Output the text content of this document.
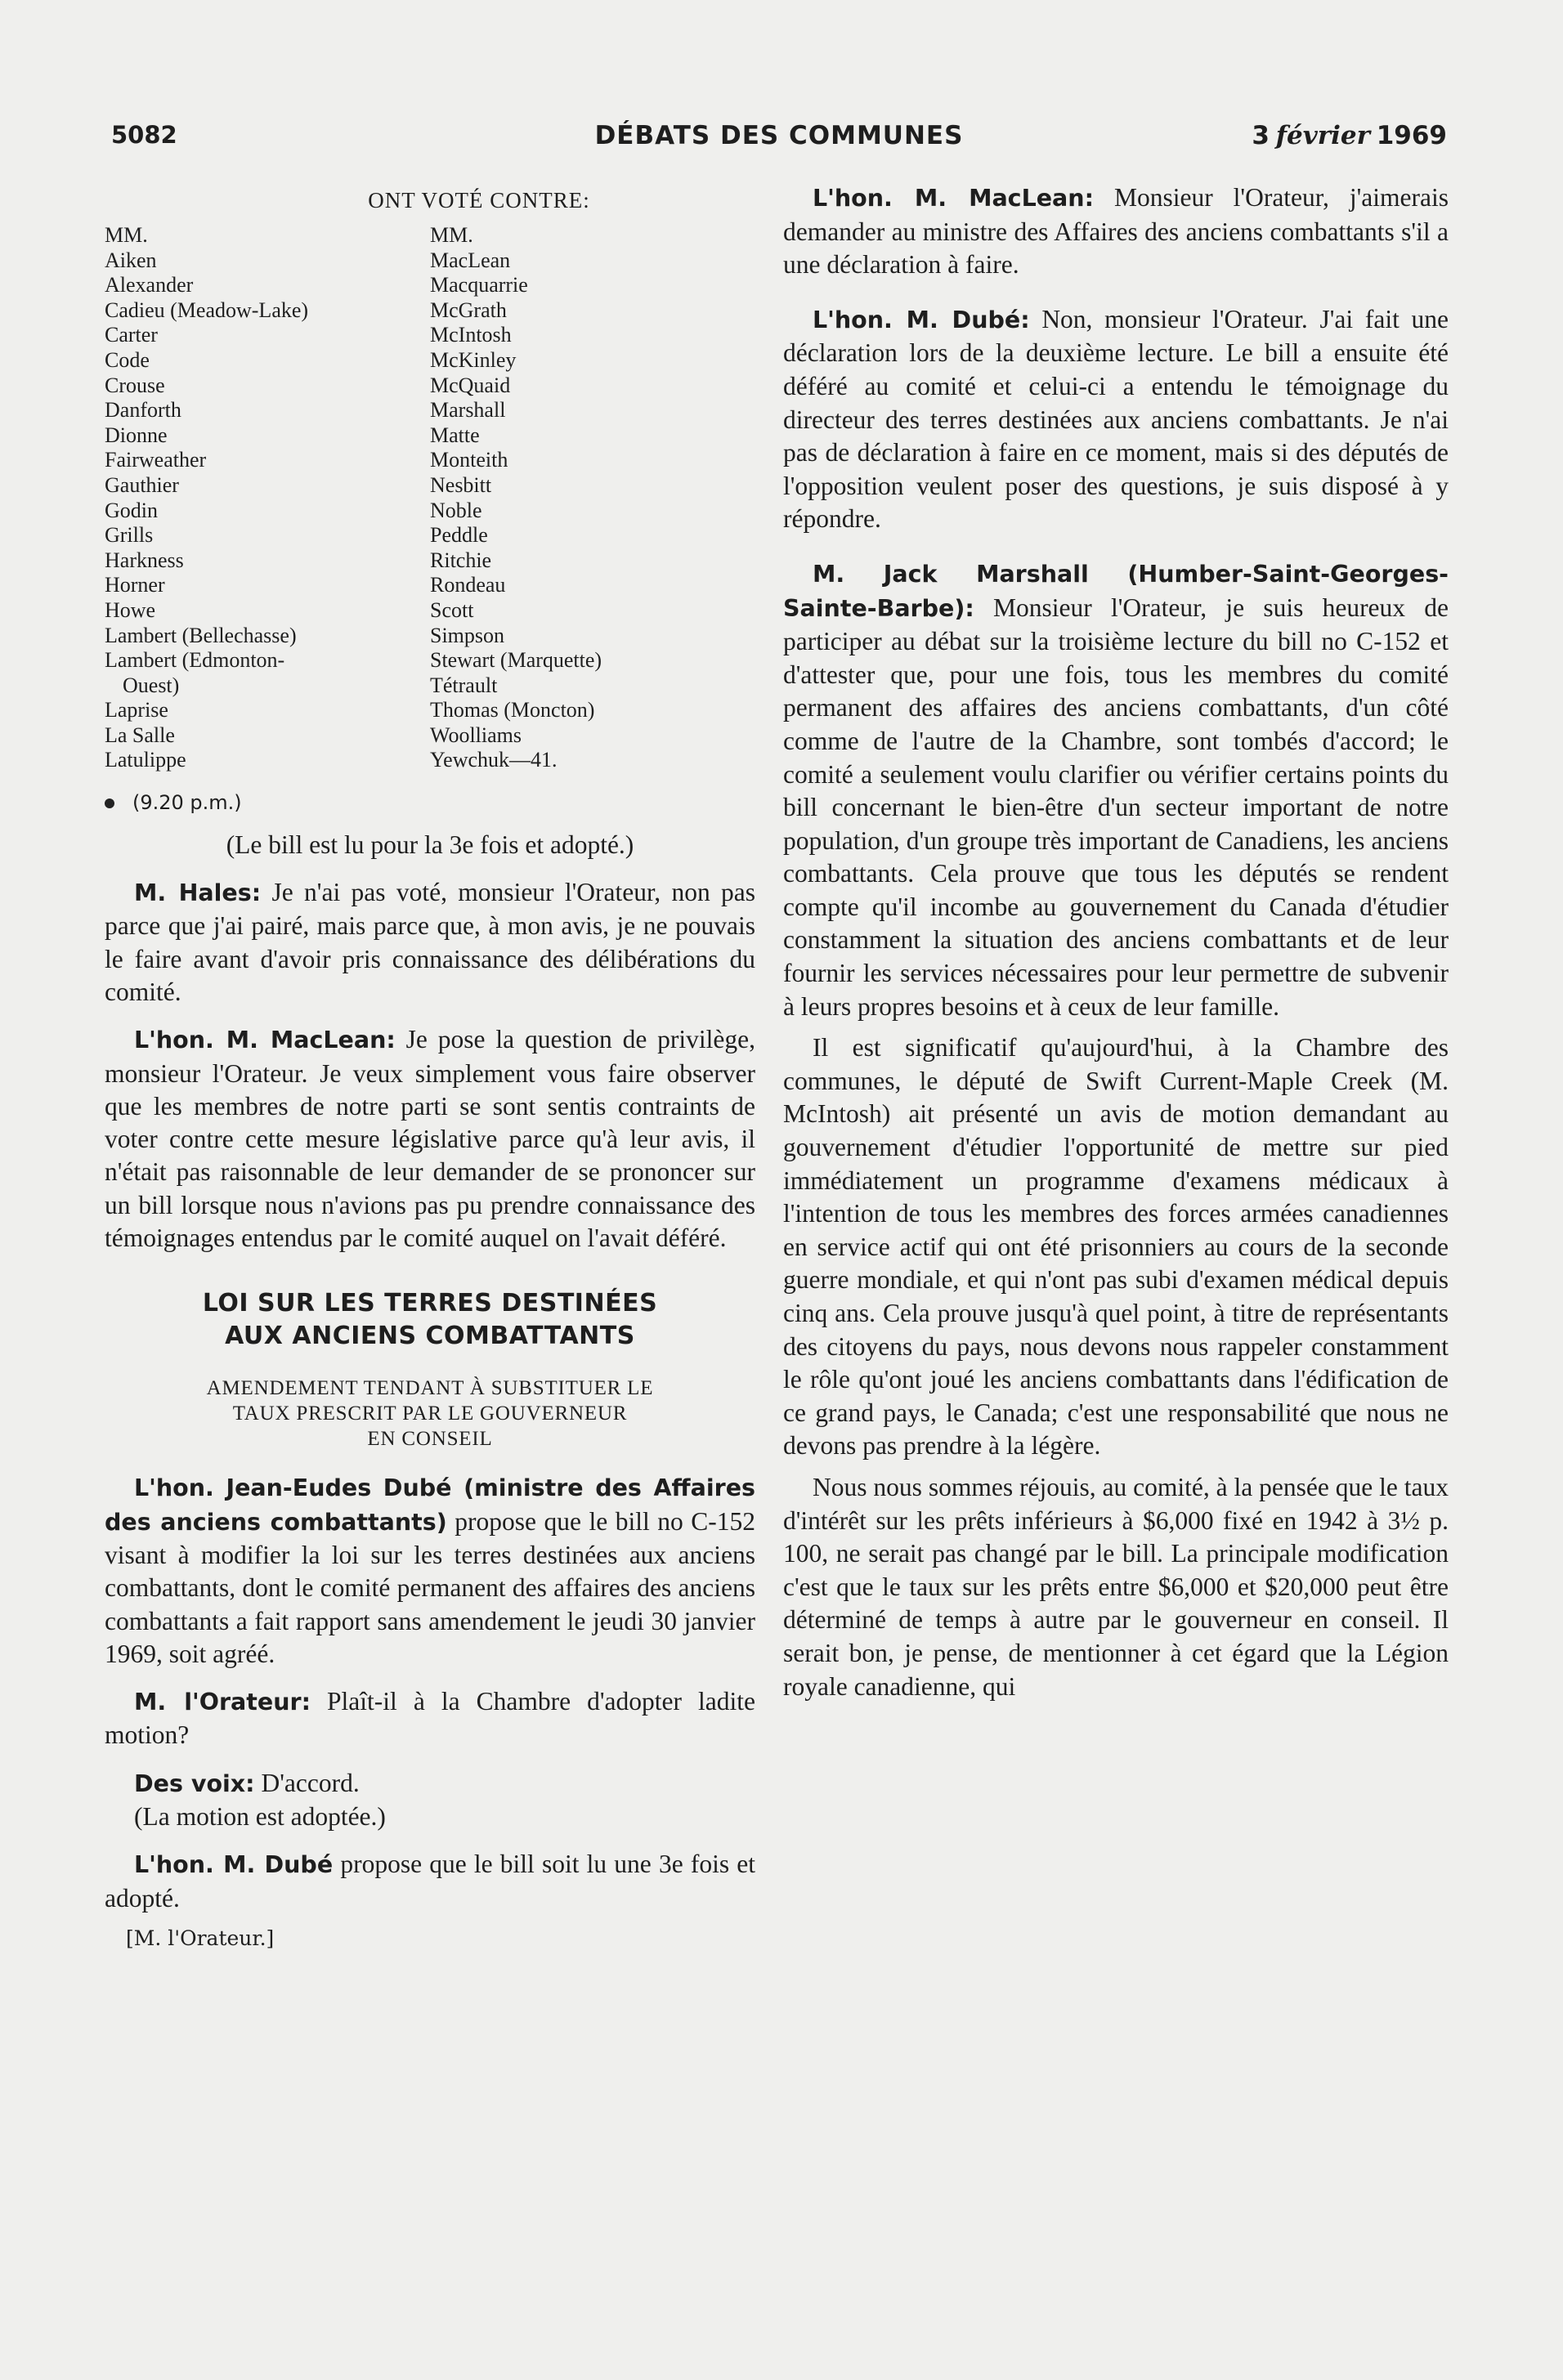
5082	DÉBATS DES COMMUNES	3 février 1969
ONT VOTÉ CONTRE:
MM.
Aiken
Alexander
Cadieu (Meadow-Lake)
Carter
Code
Crouse
Danforth
Dionne
Fairweather
Gauthier
Godin
Grills
Harkness
Horner
Howe
Lambert (Bellechasse)
Lambert (Edmonton-
Ouest)
Laprise
La Salle
Latulippe
MM.
MacLean
Macquarrie
McGrath
McIntosh
McKinley
McQuaid
Marshall
Matte
Monteith
Nesbitt
Noble
Peddle
Ritchie
Rondeau
Scott
Simpson
Stewart (Marquette)
Tétrault
Thomas (Moncton)
Woolliams
Yewchuk—41.
(9.20 p.m.)
(Le bill est lu pour la 3e fois et adopté.)

M. Hales: Je n'ai pas voté, monsieur l'Orateur, non pas parce que j'ai pairé, mais parce que, à mon avis, je ne pouvais le faire avant d'avoir pris connaissance des délibérations du comité.

L'hon. M. MacLean: Je pose la question de privilège, monsieur l'Orateur. Je veux simplement vous faire observer que les membres de notre parti se sont sentis contraints de voter contre cette mesure législative parce qu'à leur avis, il n'était pas raisonnable de leur demander de se prononcer sur un bill lorsque nous n'avions pas pu prendre connaissance des témoignages entendus par le comité auquel on l'avait déféré.

LOI SUR LES TERRES DESTINÉES
AUX ANCIENS COMBATTANTS
AMENDEMENT TENDANT À SUBSTITUER LE
TAUX PRESCRIT PAR LE GOUVERNEUR
EN CONSEIL

L'hon. Jean-Eudes Dubé (ministre des Affaires des anciens combattants) propose que le bill no C-152 visant à modifier la loi sur les terres destinées aux anciens combattants, dont le comité permanent des affaires des anciens combattants a fait rapport sans amendement le jeudi 30 janvier 1969, soit agréé.

M. l'Orateur: Plaît-il à la Chambre d'adopter ladite motion?

Des voix: D'accord.

(La motion est adoptée.)

L'hon. M. Dubé propose que le bill soit lu une 3e fois et adopté.

[M. l'Orateur.]

L'hon. M. MacLean: Monsieur l'Orateur, j'aimerais demander au ministre des Affaires des anciens combattants s'il a une déclaration à faire.

L'hon. M. Dubé: Non, monsieur l'Orateur. J'ai fait une déclaration lors de la deuxième lecture. Le bill a ensuite été déféré au comité et celui-ci a entendu le témoignage du directeur des terres destinées aux anciens combattants. Je n'ai pas de déclaration à faire en ce moment, mais si des députés de l'opposition veulent poser des questions, je suis disposé à y répondre.

M. Jack Marshall (Humber-Saint-Georges-Sainte-Barbe): Monsieur l'Orateur, je suis heureux de participer au débat sur la troisième lecture du bill no C-152 et d'attester que, pour une fois, tous les membres du comité permanent des affaires des anciens combattants, d'un côté comme de l'autre de la Chambre, sont tombés d'accord; le comité a seulement voulu clarifier ou vérifier certains points du bill concernant le bien-être d'un secteur important de notre population, d'un groupe très important de Canadiens, les anciens combattants. Cela prouve que tous les députés se rendent compte qu'il incombe au gouvernement du Canada d'étudier constamment la situation des anciens combattants et de leur fournir les services nécessaires pour leur permettre de subvenir à leurs propres besoins et à ceux de leur famille.

Il est significatif qu'aujourd'hui, à la Chambre des communes, le député de Swift Current-Maple Creek (M. McIntosh) ait présenté un avis de motion demandant au gouvernement d'étudier l'opportunité de mettre sur pied immédiatement un programme d'examens médicaux à l'intention de tous les membres des forces armées canadiennes en service actif qui ont été prisonniers au cours de la seconde guerre mondiale, et qui n'ont pas subi d'examen médical depuis cinq ans. Cela prouve jusqu'à quel point, à titre de représentants des citoyens du pays, nous devons nous rappeler constamment le rôle qu'ont joué les anciens combattants dans l'édification de ce grand pays, le Canada; c'est une responsabilité que nous ne devons pas prendre à la légère.

Nous nous sommes réjouis, au comité, à la pensée que le taux d'intérêt sur les prêts inférieurs à $6,000 fixé en 1942 à 3½ p. 100, ne serait pas changé par le bill. La principale modification c'est que le taux sur les prêts entre $6,000 et $20,000 peut être déterminé de temps à autre par le gouverneur en conseil. Il serait bon, je pense, de mentionner à cet égard que la Légion royale canadienne, qui
